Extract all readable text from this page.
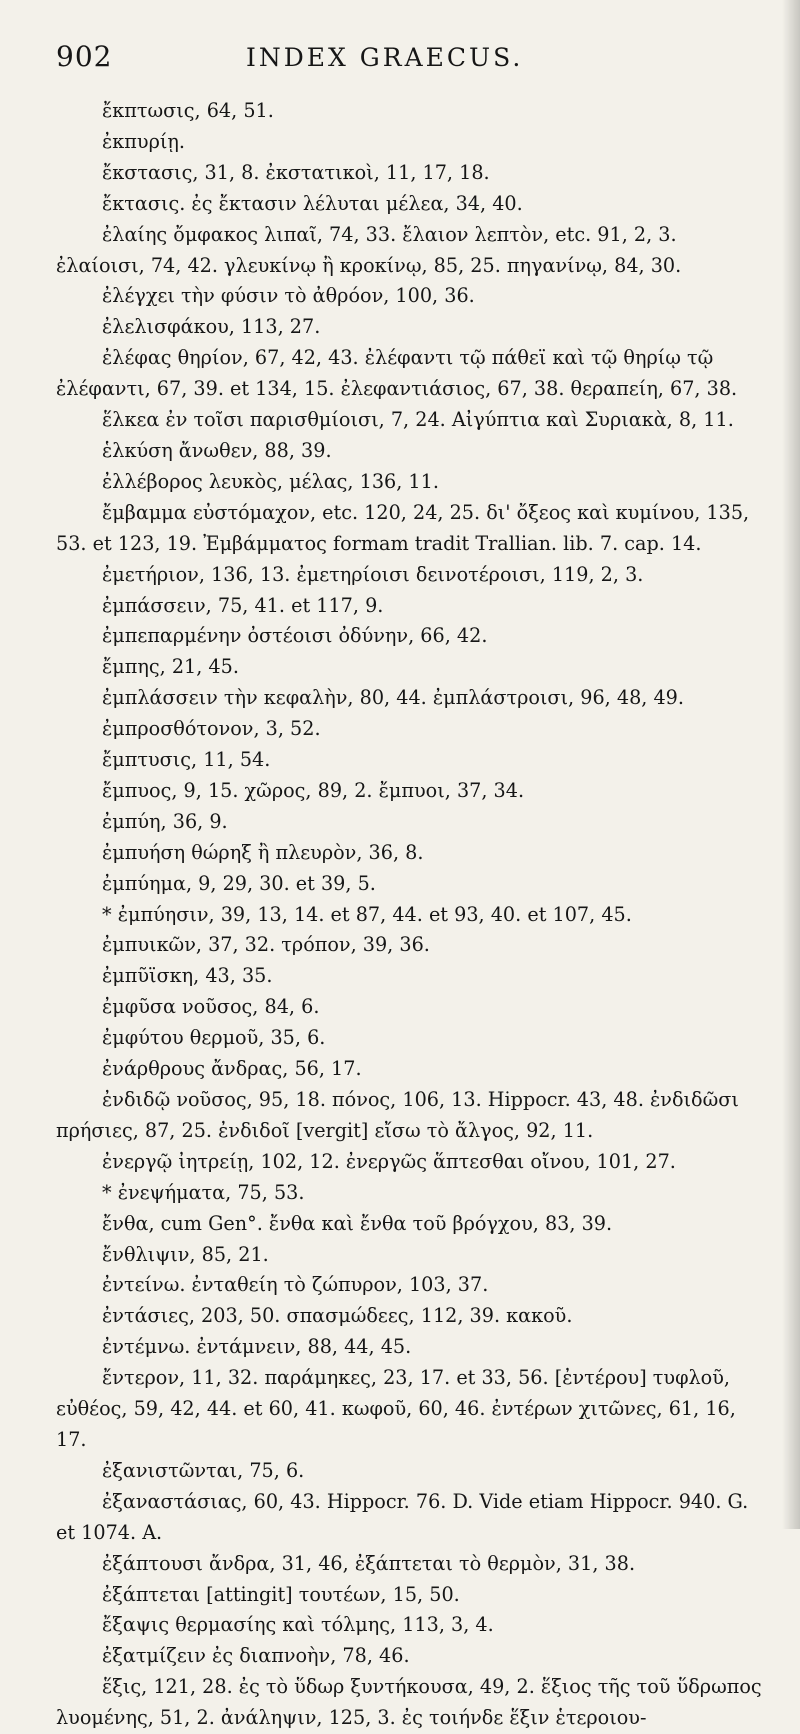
902	INDEX GRAECUS.

ἔκπτωσις, 64, 51.

ἐκπυρίῃ.

ἔκστασις, 31, 8. ἐκστατικοὶ, 11, 17, 18.

ἔκτασις. ἐς ἔκτασιν λέλυται μέλεα, 34, 40.

ἐλαίης ὄμφακος λιπαῖ, 74, 33. ἔλαιον λεπτὸν, etc. 91, 2, 3. ἐλαίοισι, 74, 42. γλευκίνῳ ἢ κροκίνῳ, 85, 25. πηγανίνῳ, 84, 30.

ἐλέγχει τὴν φύσιν τὸ ἀθρόον, 100, 36.

ἐλελισφάκου, 113, 27.

ἐλέφας θηρίον, 67, 42, 43. ἐλέφαντι τῷ πάθεϊ καὶ τῷ θηρίῳ τῷ ἐλέφαντι, 67, 39. et 134, 15. ἐλεφαντιάσιος, 67, 38. θεραπείη, 67, 38.

ἕλκεα ἐν τοῖσι παρισθμίοισι, 7, 24. Αἰγύπτια καὶ Συριακὰ, 8, 11.

ἑλκύση ἄνωθεν, 88, 39.

ἐλλέβορος λευκὸς, μέλας, 136, 11.

ἔμβαμμα εὐστόμαχον, etc. 120, 24, 25. δι' ὄξεος καὶ κυμίνου, 135, 53. et 123, 19. Ἐμβάμματος formam tradit Trallian. lib. 7. cap. 14.

ἐμετήριον, 136, 13. ἐμετηρίοισι δεινοτέροισι, 119, 2, 3.

ἐμπάσσειν, 75, 41. et 117, 9.

ἐμπεπαρμένην ὀστέοισι ὀδύνην, 66, 42.

ἔμπης, 21, 45.

ἐμπλάσσειν τὴν κεφαλὴν, 80, 44. ἐμπλάστροισι, 96, 48, 49.

ἐμπροσθότονον, 3, 52.

ἔμπτυσις, 11, 54.

ἔμπυος, 9, 15. χῶρος, 89, 2. ἔμπυοι, 37, 34.

ἐμπύη, 36, 9.

ἐμπυήση θώρηξ ἢ πλευρὸν, 36, 8.

ἐμπύημα, 9, 29, 30. et 39, 5.

* ἐμπύησιν, 39, 13, 14. et 87, 44. et 93, 40. et 107, 45.

ἐμπυικῶν, 37, 32. τρόπον, 39, 36.

ἐμπῦϊσκη, 43, 35.

ἐμφῦσα νοῦσος, 84, 6.

ἐμφύτου θερμοῦ, 35, 6.

ἐνάρθρους ἄνδρας, 56, 17.

ἐνδιδῷ νοῦσος, 95, 18. πόνος, 106, 13. Hippocr. 43, 48. ἐνδιδῶσι πρήσιες, 87, 25. ἐνδιδοῖ [vergit] εἴσω τὸ ἄλγος, 92, 11.

ἐνεργῷ ἰητρείῃ, 102, 12. ἐνεργῶς ἅπτεσθαι οἴνου, 101, 27.

* ἐνεψήματα, 75, 53.

ἔνθα, cum Gen°. ἔνθα καὶ ἔνθα τοῦ βρόγχου, 83, 39.

ἔνθλιψιν, 85, 21.

ἐντείνω. ἐνταθείη τὸ ζώπυρον, 103, 37.

ἐντάσιες, 203, 50. σπασμώδεες, 112, 39. κακοῦ.

ἐντέμνω. ἐντάμνειν, 88, 44, 45.

ἔντερον, 11, 32. παράμηκες, 23, 17. et 33, 56. [ἐντέρου] τυφλοῦ, εὐθέος, 59, 42, 44. et 60, 41. κωφοῦ, 60, 46. ἐντέρων χιτῶνες, 61, 16, 17.

ἐξανιστῶνται, 75, 6.

ἐξαναστάσιας, 60, 43. Hippocr. 76. D. Vide etiam Hippocr. 940. G. et 1074. A.

ἐξάπτουσι ἄνδρα, 31, 46, ἐξάπτεται τὸ θερμὸν, 31, 38.

ἐξάπτεται [attingit] τουτέων, 15, 50.

ἔξαψις θερμασίης καὶ τόλμης, 113, 3, 4.

ἐξατμίζειν ἐς διαπνοὴν, 78, 46.

ἕξις, 121, 28. ἐς τὸ ὕδωρ ξυντήκουσα, 49, 2. ἕξιος τῆς τοῦ ὕδρωπος λυομένης, 51, 2. ἀνάληψιν, 125, 3. ἐς τοιήνδε ἕξιν ἑτεροιου-
